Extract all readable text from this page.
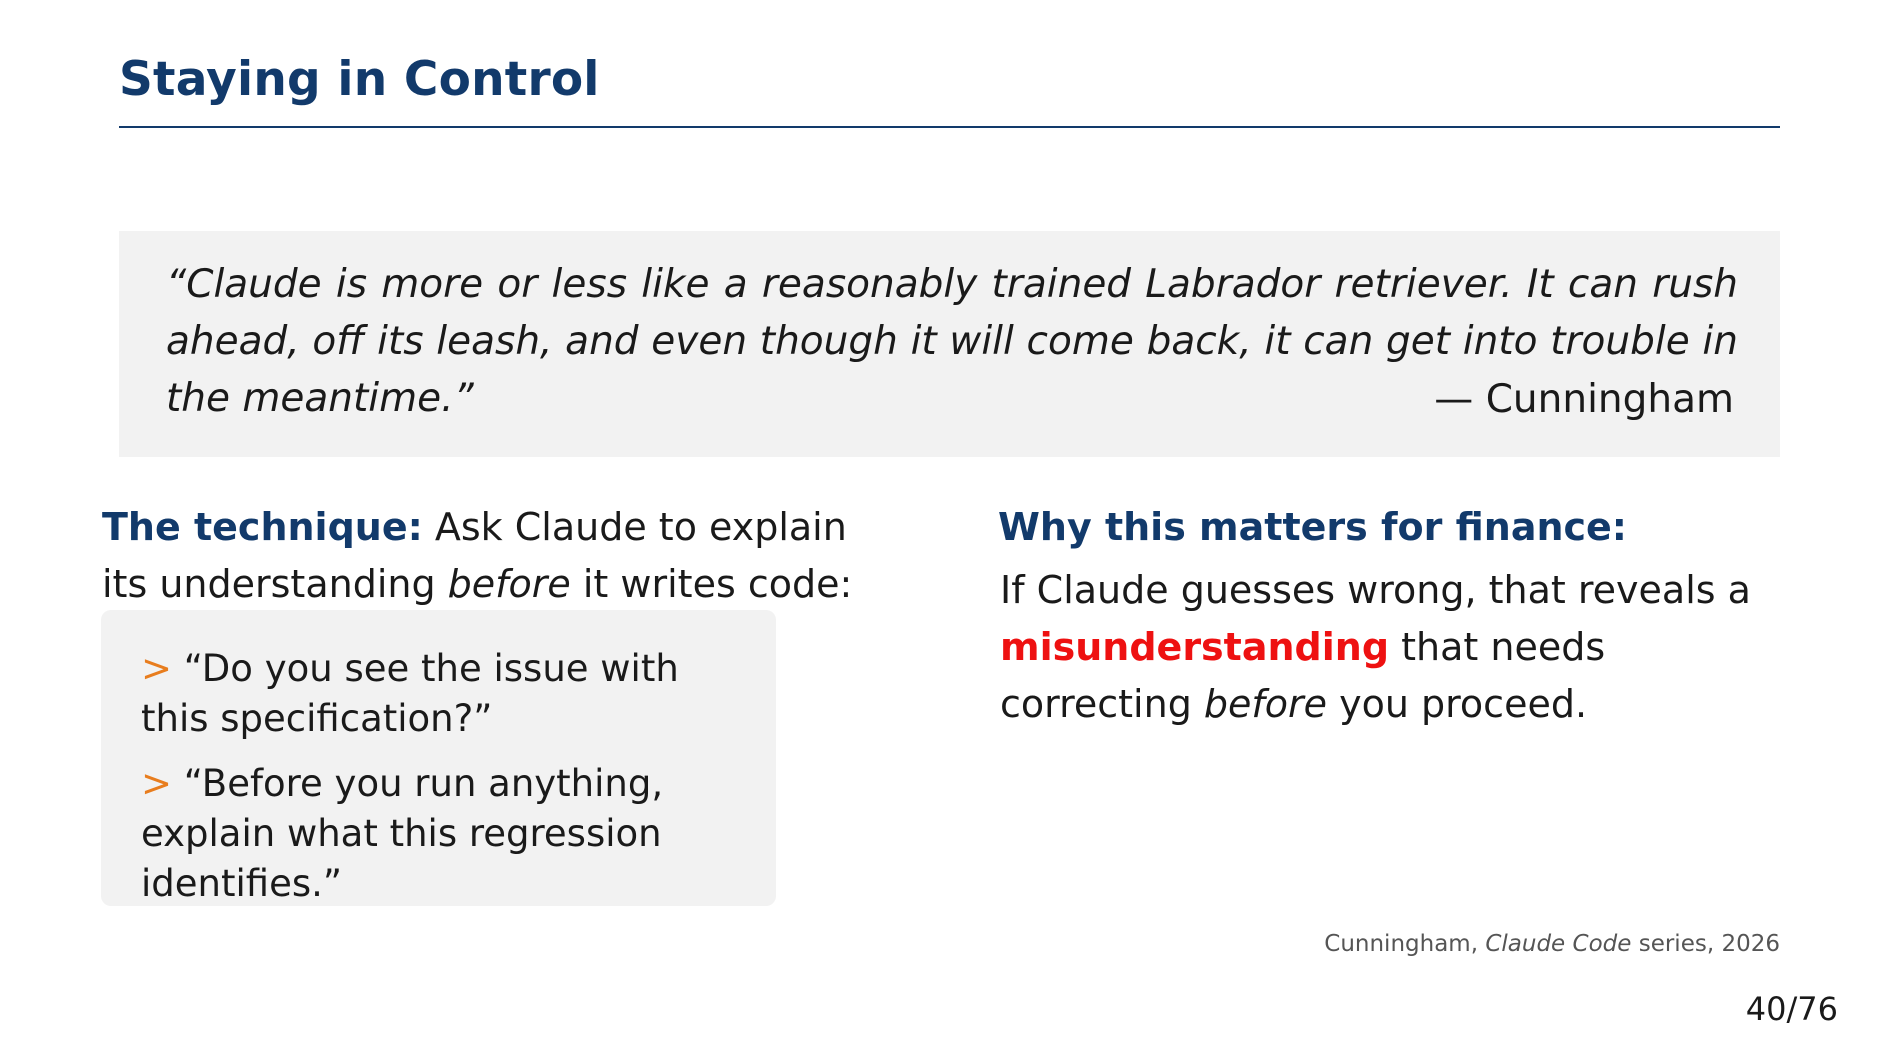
Staying in Control
“Claude is more or less like a reasonably trained Labrador retriever. It can rush ahead, off its leash, and even though it will come back, it can get into trouble in the meantime.”	— Cunningham
The technique: Ask Claude to explain its understanding before it writes code:
> “Do you see the issue with this specification?”
> “Before you run anything, explain what this regression identifies.”
Why this matters for finance:
If Claude guesses wrong, that reveals a misunderstanding that needs correcting before you proceed.
Cunningham, Claude Code series, 2026
40/76
